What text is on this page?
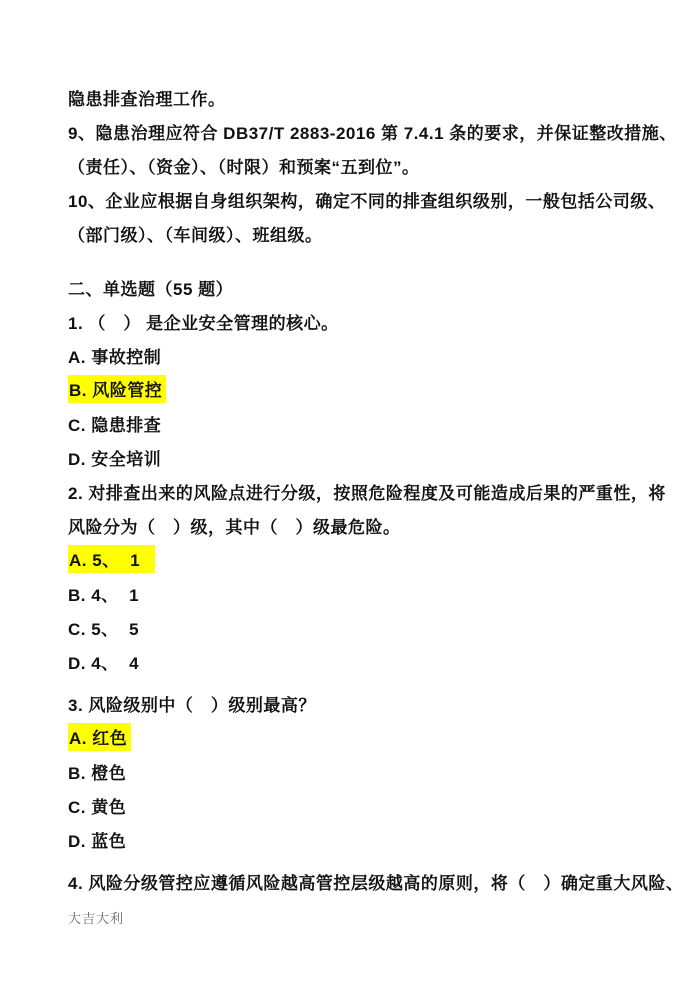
隐患排查治理工作。
9、隐患治理应符合 DB37/T 2883-2016 第 7.4.1 条的要求，并保证整改措施、
（责任）、（资金）、（时限）和预案“五到位”。
10、企业应根据自身组织架构，确定不同的排查组织级别，一般包括公司级、
（部门级）、（车间级）、班组级。
二、单选题（55 题）
1. （　） 是企业安全管理的核心。
A. 事故控制
B. 风险管控
C. 隐患排查
D. 安全培训
2. 对排查出来的风险点进行分级，按照危险程度及可能造成后果的严重性，将
风险分为（　）级，其中（　）级最危险。
A. 5、  1
B. 4、  1
C. 5、  5
D. 4、  4
3. 风险级别中（　）级别最高？
A. 红色
B. 橙色
C. 黄色
D. 蓝色
4. 风险分级管控应遵循风险越高管控层级越高的原则，将（　）确定重大风险、
大吉大利
